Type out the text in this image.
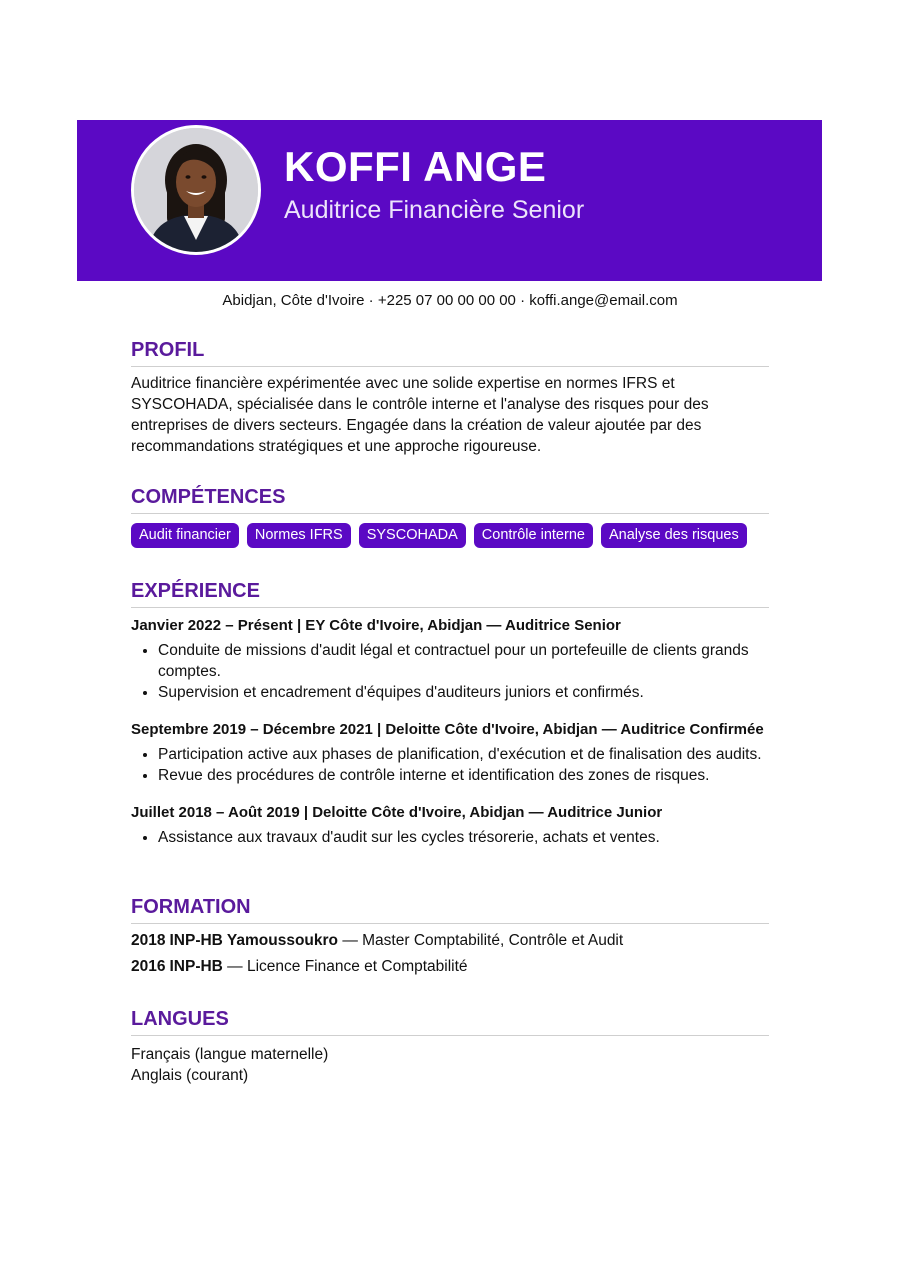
KOFFI ANGE
Auditrice Financière Senior
Abidjan, Côte d'Ivoire · +225 07 00 00 00 00 · koffi.ange@email.com
PROFIL
Auditrice financière expérimentée avec une solide expertise en normes IFRS et SYSCOHADA, spécialisée dans le contrôle interne et l'analyse des risques pour des entreprises de divers secteurs. Engagée dans la création de valeur ajoutée par des recommandations stratégiques et une approche rigoureuse.
COMPÉTENCES
Audit financier	Normes IFRS	SYSCOHADA	Contrôle interne	Analyse des risques
EXPÉRIENCE
Janvier 2022 – Présent | EY Côte d'Ivoire, Abidjan — Auditrice Senior
• Conduite de missions d'audit légal et contractuel pour un portefeuille de clients grands comptes.
• Supervision et encadrement d'équipes d'auditeurs juniors et confirmés.
Septembre 2019 – Décembre 2021 | Deloitte Côte d'Ivoire, Abidjan — Auditrice Confirmée
• Participation active aux phases de planification, d'exécution et de finalisation des audits.
• Revue des procédures de contrôle interne et identification des zones de risques.
Juillet 2018 – Août 2019 | Deloitte Côte d'Ivoire, Abidjan — Auditrice Junior
• Assistance aux travaux d'audit sur les cycles trésorerie, achats et ventes.
FORMATION
2018 INP-HB Yamoussoukro — Master Comptabilité, Contrôle et Audit
2016 INP-HB — Licence Finance et Comptabilité
LANGUES
Français (langue maternelle)
Anglais (courant)
